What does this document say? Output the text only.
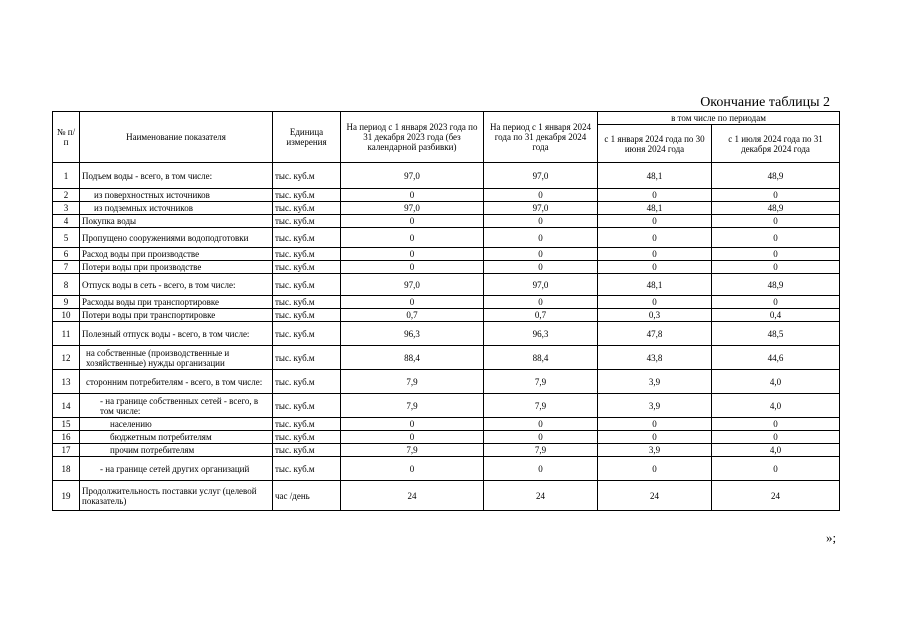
Окончание таблицы 2
№ п/п	Наименование показателя	Единица измерения	На период с 1 января 2023 года по 31 декабря 2023 года (без календарной разбивки)	На период с 1 января 2024 года по 31 декабря 2024 года	в том числе по периодам	
					с 1 января 2024 года по 30 июня 2024 года	с 1 июля 2024 года по 31 декабря 2024 года
1	Подъем воды - всего, в том числе:	тыс. куб.м	97,0	97,0	48,1	48,9
2	из поверхностных источников	тыс. куб.м	0	0	0	0
3	из подземных источников	тыс. куб.м	97,0	97,0	48,1	48,9
4	Покупка воды	тыс. куб.м	0	0	0	0
5	Пропущено сооружениями водоподготовки	тыс. куб.м	0	0	0	0
6	Расход воды при производстве	тыс. куб.м	0	0	0	0
7	Потери воды при производстве	тыс. куб.м	0	0	0	0
8	Отпуск воды в сеть - всего, в том числе:	тыс. куб.м	97,0	97,0	48,1	48,9
9	Расходы воды при транспортировке	тыс. куб.м	0	0	0	0
10	Потери воды при транспортировке	тыс. куб.м	0,7	0,7	0,3	0,4
11	Полезный отпуск воды - всего, в том числе:	тыс. куб.м	96,3	96,3	47,8	48,5
12	на собственные (производственные и хозяйственные) нужды организации	тыс. куб.м	88,4	88,4	43,8	44,6
13	сторонним потребителям - всего, в том числе:	тыс. куб.м	7,9	7,9	3,9	4,0
14	- на границе собственных сетей - всего, в том числе:	тыс. куб.м	7,9	7,9	3,9	4,0
15	населению	тыс. куб.м	0	0	0	0
16	бюджетным потребителям	тыс. куб.м	0	0	0	0
17	прочим потребителям	тыс. куб.м	7,9	7,9	3,9	4,0
18	- на границе сетей других организаций	тыс. куб.м	0	0	0	0
19	Продолжительность поставки услуг (целевой показатель)	час /день	24	24	24	24
»;
